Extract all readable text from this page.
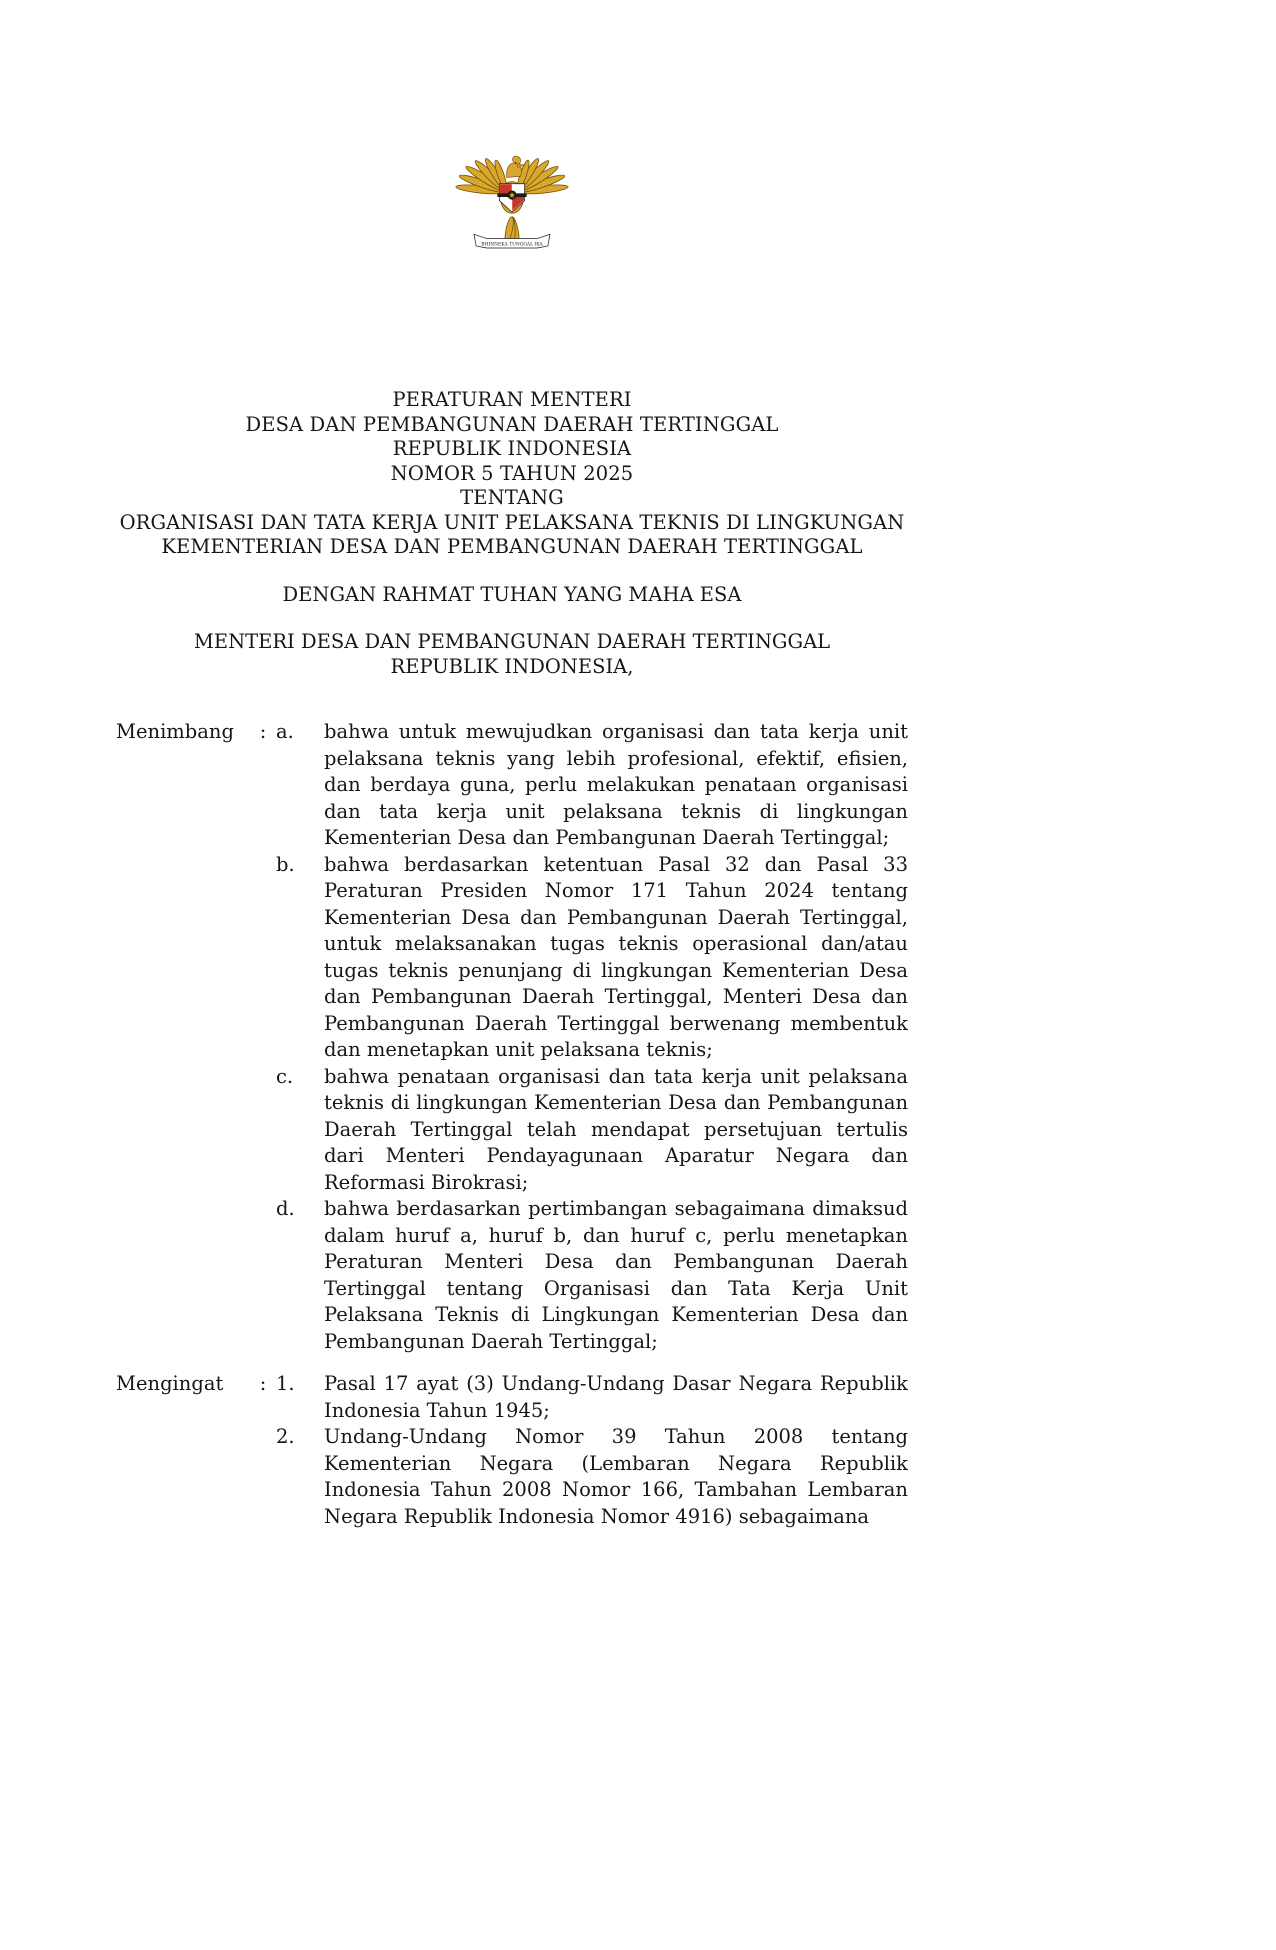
BHINNEKA TUNGGAL IKA
PERATURAN MENTERI
DESA DAN PEMBANGUNAN DAERAH TERTINGGAL
REPUBLIK INDONESIA
NOMOR 5 TAHUN 2025
TENTANG
ORGANISASI DAN TATA KERJA UNIT PELAKSANA TEKNIS DI LINGKUNGAN
KEMENTERIAN DESA DAN PEMBANGUNAN DAERAH TERTINGGAL
DENGAN RAHMAT TUHAN YANG MAHA ESA
MENTERI DESA DAN PEMBANGUNAN DAERAH TERTINGGAL
REPUBLIK INDONESIA,
Menimbang	: a.	bahwa untuk mewujudkan organisasi dan tata kerja unit pelaksana teknis yang lebih profesional, efektif, efisien, dan berdaya guna, perlu melakukan penataan organisasi dan tata kerja unit pelaksana teknis di lingkungan Kementerian Desa dan Pembangunan Daerah Tertinggal;
b.	bahwa berdasarkan ketentuan Pasal 32 dan Pasal 33 Peraturan Presiden Nomor 171 Tahun 2024 tentang Kementerian Desa dan Pembangunan Daerah Tertinggal, untuk melaksanakan tugas teknis operasional dan/atau tugas teknis penunjang di lingkungan Kementerian Desa dan Pembangunan Daerah Tertinggal, Menteri Desa dan Pembangunan Daerah Tertinggal berwenang membentuk dan menetapkan unit pelaksana teknis;
c.	bahwa penataan organisasi dan tata kerja unit pelaksana teknis di lingkungan Kementerian Desa dan Pembangunan Daerah Tertinggal telah mendapat persetujuan tertulis dari Menteri Pendayagunaan Aparatur Negara dan Reformasi Birokrasi;
d.	bahwa berdasarkan pertimbangan sebagaimana dimaksud dalam huruf a, huruf b, dan huruf c, perlu menetapkan Peraturan Menteri Desa dan Pembangunan Daerah Tertinggal tentang Organisasi dan Tata Kerja Unit Pelaksana Teknis di Lingkungan Kementerian Desa dan Pembangunan Daerah Tertinggal;
Mengingat	: 1.	Pasal 17 ayat (3) Undang-Undang Dasar Negara Republik Indonesia Tahun 1945;
2.	Undang-Undang Nomor 39 Tahun 2008 tentang Kementerian Negara (Lembaran Negara Republik Indonesia Tahun 2008 Nomor 166, Tambahan Lembaran Negara Republik Indonesia Nomor 4916) sebagaimana
